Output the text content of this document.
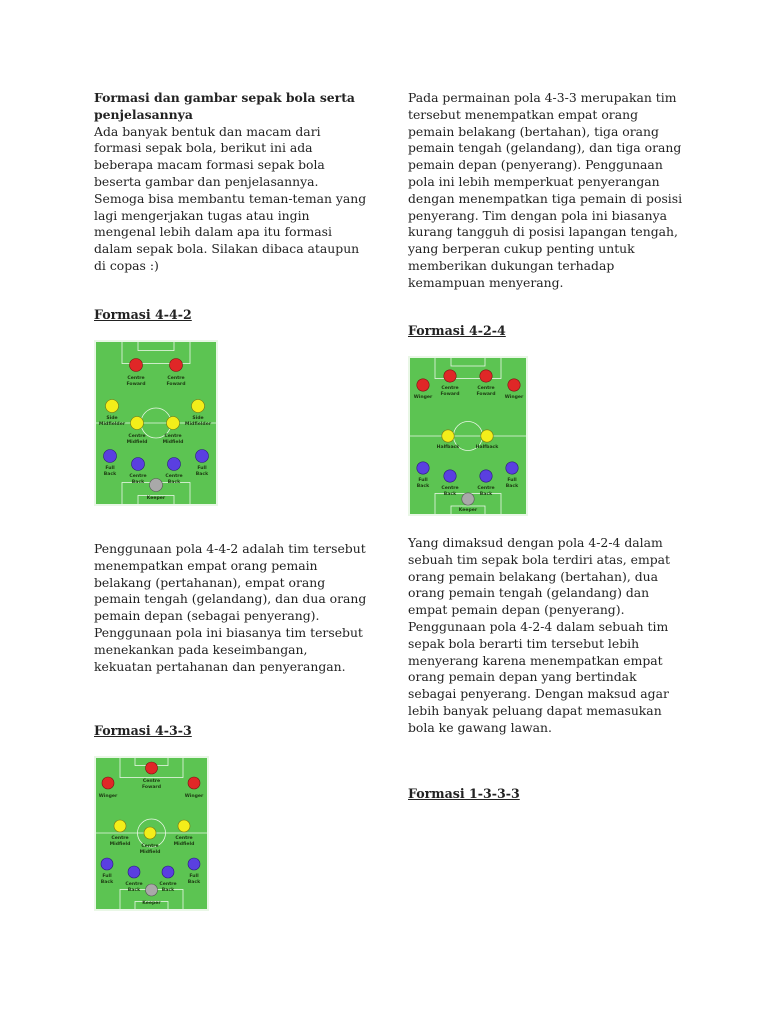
Formasi dan gambar sepak bola serta penjelasannya

Ada banyak bentuk dan macam dari formasi sepak bola, berikut ini ada beberapa macam formasi sepak bola beserta gambar dan penjelasannya. Semoga bisa membantu teman-teman yang lagi mengerjakan tugas atau ingin mengenal lebih dalam apa itu formasi dalam sepak bola. Silakan dibaca ataupun di copas :)

Formasi 4-4-2
Centre
Foward
Centre
Foward
Side
Midfielder
Side
Midfielder
Centre
Midfield
Centre
Midfield
Full
Back
Full
Back
Centre
Back
Centre
Back
Keeper

Penggunaan pola 4-4-2 adalah tim tersebut menempatkan empat orang pemain belakang (pertahanan), empat orang pemain tengah (gelandang), dan dua orang pemain depan (sebagai penyerang). Penggunaan pola ini biasanya tim tersebut menekankan pada keseimbangan, kekuatan pertahanan dan penyerangan.

Formasi 4-3-3
Centre
Foward
Winger	Winger
Centre
Midfield Centre
Midfield
Centre
Midfield
Full
Back
Full
Back
Centre
Back
Centre
Back
Keeper

Pada permainan pola 4-3-3 merupakan tim tersebut menempatkan empat orang pemain belakang (bertahan), tiga orang pemain tengah (gelandang), dan tiga orang pemain depan (penyerang). Penggunaan pola ini lebih memperkuat penyerangan dengan menempatkan tiga pemain di posisi penyerang. Tim dengan pola ini biasanya kurang tangguh di posisi lapangan tengah, yang berperan cukup penting untuk memberikan dukungan terhadap kemampuan menyerang.

Formasi 4-2-4
Winger
Centre
Foward
Centre
Foward
Winger
Halfback	Halfback
Full
Back
Full
Back
Centre
Back
Centre
Back
Keeper

Yang dimaksud dengan pola 4-2-4 dalam sebuah tim sepak bola terdiri atas, empat orang pemain belakang (bertahan), dua orang pemain tengah (gelandang) dan empat pemain depan (penyerang). Penggunaan pola 4-2-4 dalam sebuah tim sepak bola berarti tim tersebut lebih menyerang karena menempatkan empat orang pemain depan yang bertindak sebagai penyerang. Dengan maksud agar lebih banyak peluang dapat memasukan bola ke gawang lawan.

Formasi 1-3-3-3
